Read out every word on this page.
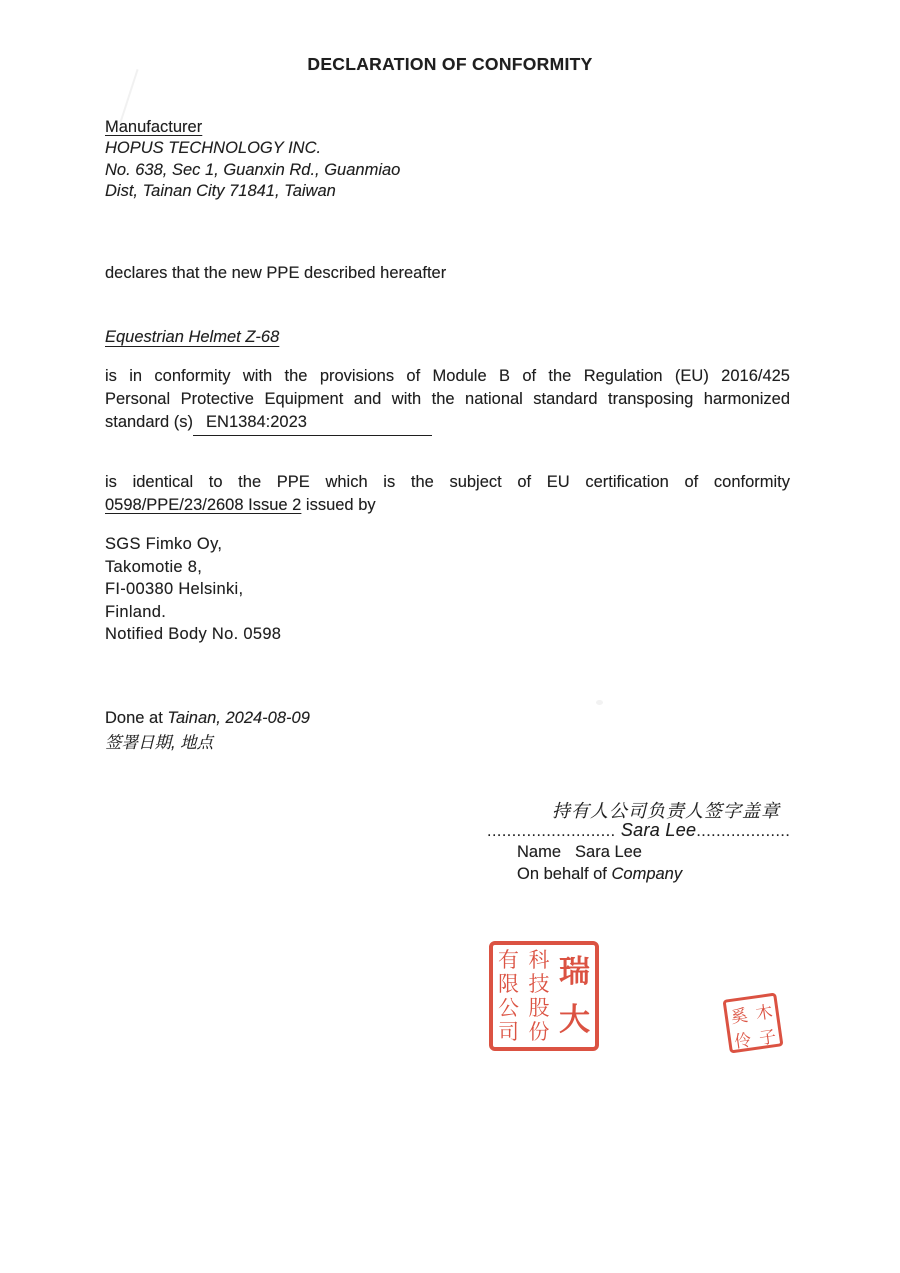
DECLARATION OF CONFORMITY
Manufacturer
HOPUS TECHNOLOGY INC.
No. 638, Sec 1, Guanxin Rd., Guanmiao
Dist, Tainan City 71841, Taiwan
declares that the new PPE described hereafter
Equestrian Helmet Z-68
is in conformity with the provisions of Module B of the Regulation (EU) 2016/425
Personal Protective Equipment and with the national standard transposing harmonized
standard (s) EN1384:2023
is identical to the PPE which is the subject of EU certification of conformity
0598/PPE/23/2608 Issue 2 issued by
SGS Fimko Oy,
Takomotie 8,
FI-00380 Helsinki,
Finland.
Notified Body No. 0598
Done at Tainan, 2024-08-09
签署日期, 地点
持有人公司负责人签字盖章
.......................... Sara Lee...................
Name Sara Lee
On behalf of Company
有
限
公
司
科
技
股
份
瑞
大	奚
伶
木
子
